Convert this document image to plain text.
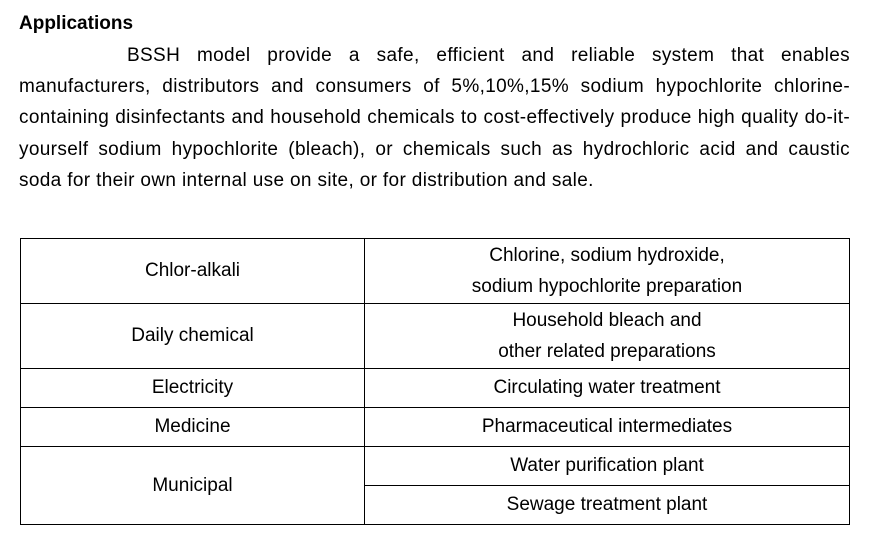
Applications

BSSH model provide a safe, efficient and reliable system that enables manufacturers, distributors and consumers of 5%,10%,15% sodium hypochlorite chlorine-containing disinfectants and household chemicals to cost-effectively produce high quality do-it-yourself sodium hypochlorite (bleach), or chemicals such as hydrochloric acid and caustic soda for their own internal use on site, or for distribution and sale.

Chlor-alkali	Chlorine, sodium hydroxide,
sodium hypochlorite preparation

Daily chemical	Household bleach and
other related preparations

Electricity	Circulating water treatment
Medicine	Pharmaceutical intermediates
Municipal	Water purification plant
	Sewage treatment plant
